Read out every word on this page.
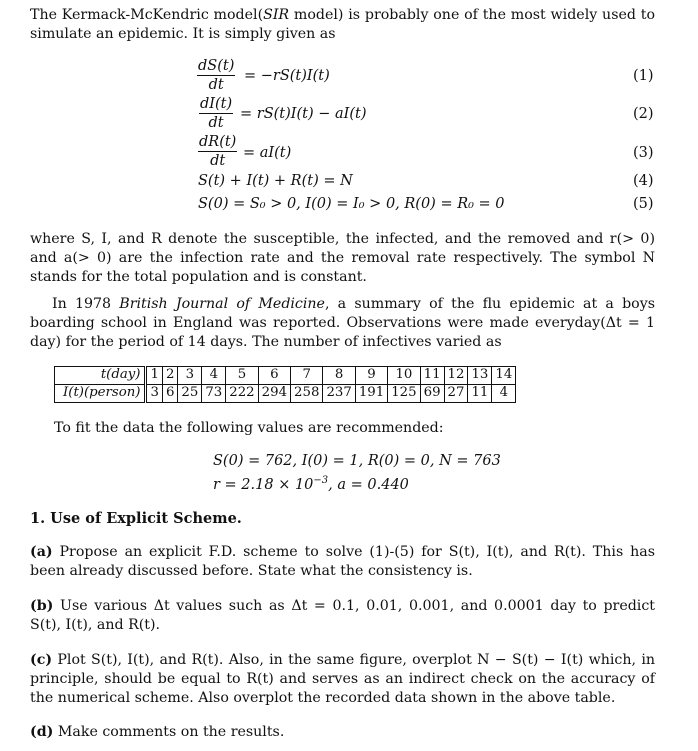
The Kermack-McKendric model(SIR model) is probably one of the most widely used to simulate an epidemic. It is simply given as
dS(t)
dt
= −rS(t)I(t)	(1)
dI(t)
dt
= rS(t)I(t) − aI(t)	(2)
dR(t)
dt	= aI(t)	(3)
S(t) + I(t) + R(t) = N	(4)
S(0) = S₀ > 0, I(0) = I₀ > 0, R(0) = R₀ = 0	(5)
where S, I, and R denote the susceptible, the infected, and the removed and r(> 0) and a(> 0) are the infection rate and the removal rate respectively. The symbol N stands for the total population and is constant.
In 1978 British Journal of Medicine, a summary of the flu epidemic at a boys boarding school in England was reported. Observations were made everyday(Δt = 1 day) for the period of 14 days. The number of infectives varied as
t(day)	1	2	3	4	5	6	7	8	9	10	11	12	13	14
I(t)(person)	3	6	25	73	222	294	258	237	191	125	69	27	11	4
To fit the data the following values are recommended:
S(0) = 762, I(0) = 1, R(0) = 0, N = 763
$r = 2.18 \times 10^{-3}$, a = 0.440
1. Use of Explicit Scheme.
(a) Propose an explicit F.D. scheme to solve (1)-(5) for S(t), I(t), and R(t). This has been already discussed before. State what the consistency is.
(b) Use various Δt values such as Δt = 0.1, 0.01, 0.001, and 0.0001 day to predict S(t), I(t), and R(t).
(c) Plot S(t), I(t), and R(t). Also, in the same figure, overplot N − S(t) − I(t) which, in principle, should be equal to R(t) and serves as an indirect check on the accuracy of the numerical scheme. Also overplot the recorded data shown in the above table.
(d) Make comments on the results.
